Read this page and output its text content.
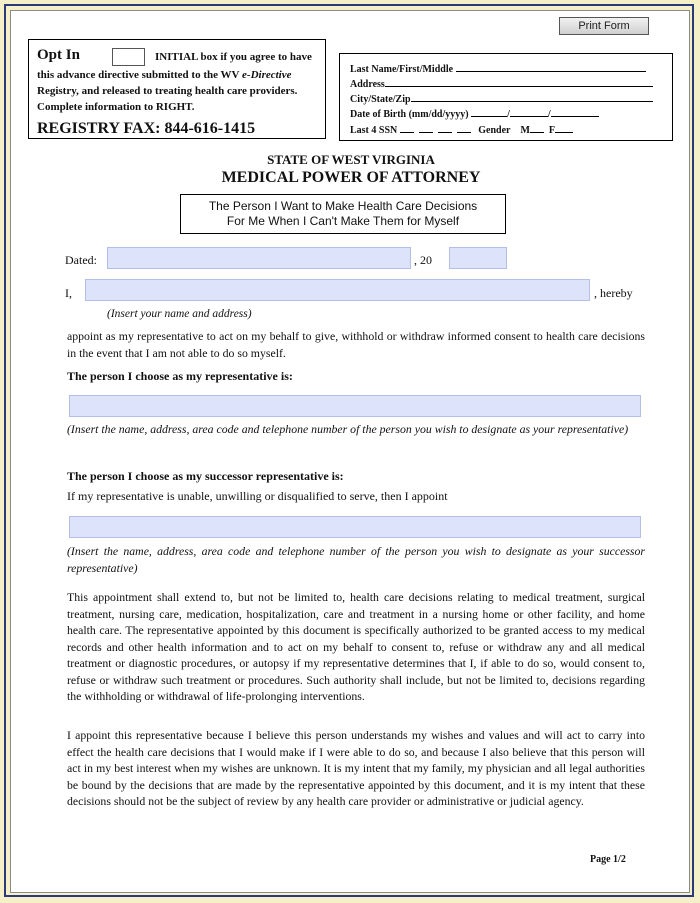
Print Form
Opt In	INITIAL box if you agree to have
this advance directive submitted to the WV e-Directive
Registry, and released to treating health care providers.
Complete information to RIGHT.
REGISTRY FAX: 844-616-1415
Last Name/First/Middle
Address
City/State/Zip
Date of Birth (mm/dd/yyyy)	/	/
Last 4 SSN	Gender M F
STATE OF WEST VIRGINIA
MEDICAL POWER OF ATTORNEY
The Person I Want to Make Health Care Decisions
For Me When I Can't Make Them for Myself
Dated:	, 20
I,	, hereby
(Insert your name and address)
appoint as my representative to act on my behalf to give, withhold or withdraw informed consent to health care decisions in the event that I am not able to do so myself.
The person I choose as my representative is:
(Insert the name, address, area code and telephone number of the person you wish to designate as your representative)
The person I choose as my successor representative is:
If my representative is unable, unwilling or disqualified to serve, then I appoint
(Insert the name, address, area code and telephone number of the person you wish to designate as your successor representative)
This appointment shall extend to, but not be limited to, health care decisions relating to medical treatment, surgical treatment, nursing care, medication, hospitalization, care and treatment in a nursing home or other facility, and home health care. The representative appointed by this document is specifically authorized to be granted access to my medical records and other health information and to act on my behalf to consent to, refuse or withdraw any and all medical treatment or diagnostic procedures, or autopsy if my representative determines that I, if able to do so, would consent to, refuse or withdraw such treatment or procedures. Such authority shall include, but not be limited to, decisions regarding the withholding or withdrawal of life-prolonging interventions.
I appoint this representative because I believe this person understands my wishes and values and will act to carry into effect the health care decisions that I would make if I were able to do so, and because I also believe that this person will act in my best interest when my wishes are unknown. It is my intent that my family, my physician and all legal authorities be bound by the decisions that are made by the representative appointed by this document, and it is my intent that these decisions should not be the subject of review by any health care provider or administrative or judicial agency.
Page 1/2
